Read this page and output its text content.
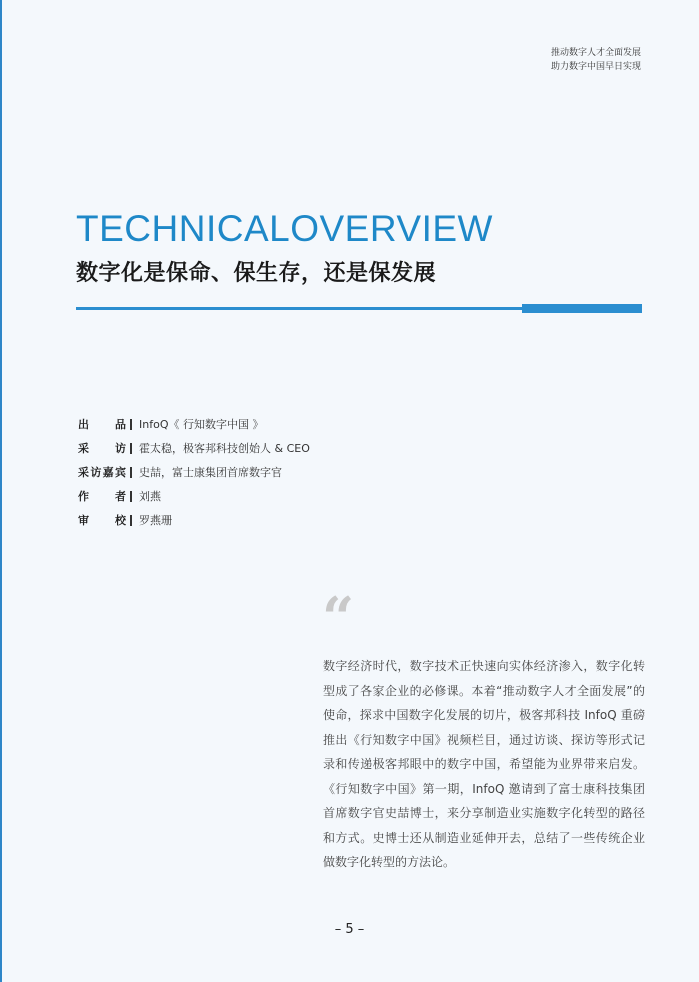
推动数字人才全面发展
助力数字中国早日实现
TECHNICALOVERVIEW
数字化是保命、保生存，还是保发展
出品 InfoQ《 行知数字中国 》
采访 霍太稳，极客邦科技创始人 & CEO
采访嘉宾 史喆，富士康集团首席数字官
作者 刘燕
审校 罗燕珊
“

数字经济时代，数字技术正快速向实体经济渗入，数字化转型成了各家企业的必修课。本着“推动数字人才全面发展”的使命，探求中国数字化发展的切片，极客邦科技 InfoQ 重磅推出《行知数字中国》视频栏目，通过访谈、探访等形式记录和传递极客邦眼中的数字中国，希望能为业界带来启发。《行知数字中国》第一期，InfoQ 邀请到了富士康科技集团首席数字官史喆博士，来分享制造业实施数字化转型的路径和方式。史博士还从制造业延伸开去，总结了一些传统企业做数字化转型的方法论。

– 5 –
